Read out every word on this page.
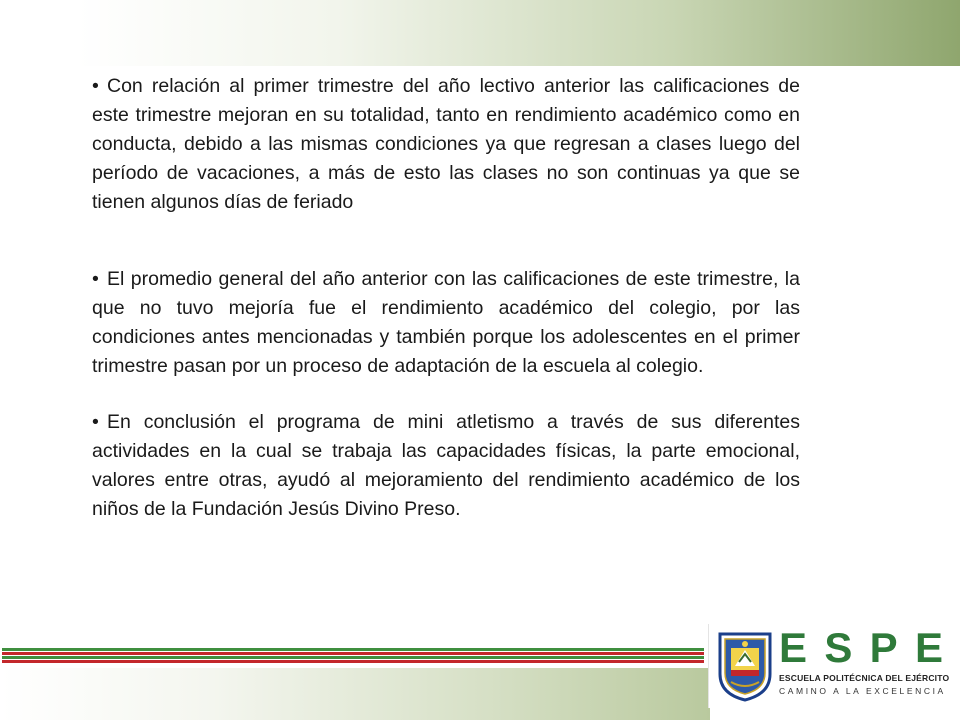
• Con relación al primer trimestre del año lectivo anterior las calificaciones de este trimestre mejoran en su totalidad, tanto en rendimiento académico como en conducta, debido a las mismas condiciones ya que regresan a clases luego del período de vacaciones, a más de esto las clases no son continuas ya que se tienen algunos días de feriado

• El promedio general del año anterior con las calificaciones de este trimestre, la que no tuvo mejoría fue el rendimiento académico del colegio, por las condiciones antes mencionadas y también porque los adolescentes en el primer trimestre pasan por un proceso de adaptación de la escuela al colegio.

• En conclusión el programa de mini atletismo a través de sus diferentes actividades en la cual se trabaja las capacidades físicas, la parte emocional, valores entre otras, ayudó al mejoramiento del rendimiento académico de los niños de la Fundación Jesús Divino Preso.

E S P E
ESCUELA POLITÉCNICA DEL EJÉRCITO
CAMINO A LA EXCELENCIA
